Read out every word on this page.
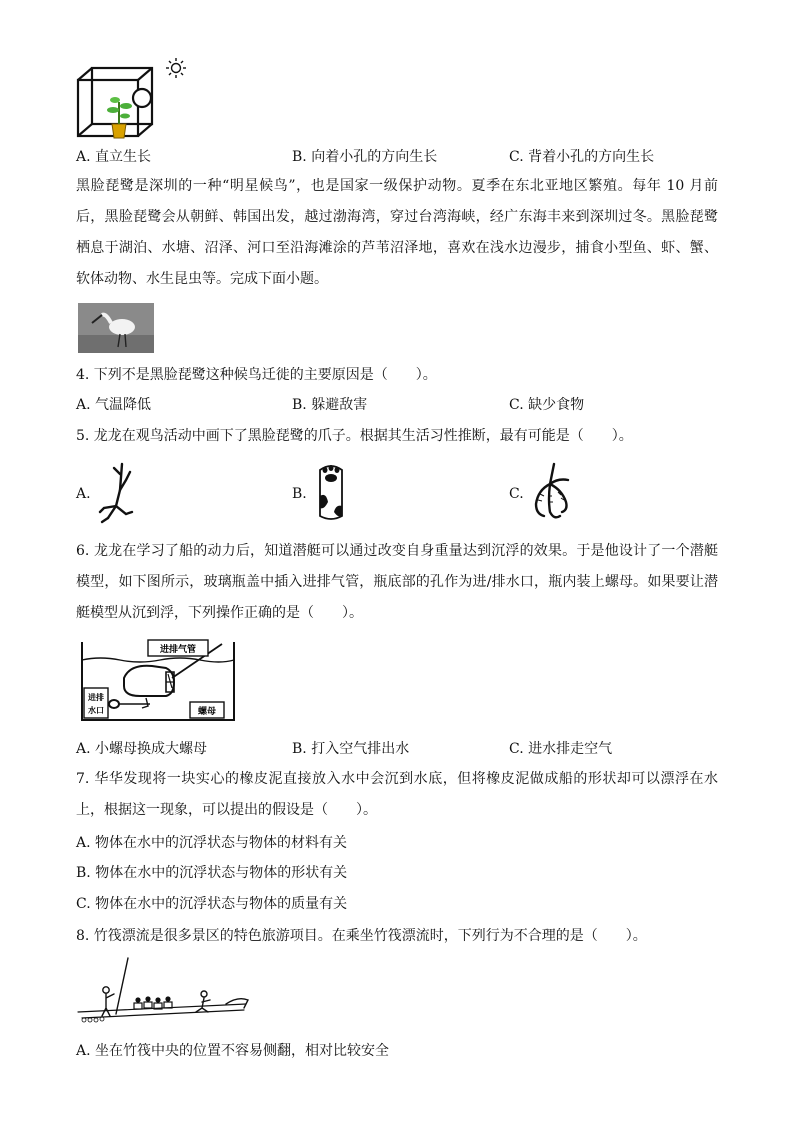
A. 直立生长	B. 向着小孔的方向生长	C. 背着小孔的方向生长
黑脸琵鹭是深圳的一种“明星候鸟”，也是国家一级保护动物。夏季在东北亚地区繁殖。每年 10 月前后，黑脸琵鹭会从朝鲜、韩国出发，越过渤海湾，穿过台湾海峡，经广东海丰来到深圳过冬。黑脸琵鹭栖息于湖泊、水塘、沼泽、河口至沿海滩涂的芦苇沼泽地，喜欢在浅水边漫步，捕食小型鱼、虾、蟹、软体动物、水生昆虫等。完成下面小题。
4. 下列不是黑脸琵鹭这种候鸟迁徙的主要原因是（　　）。
A. 气温降低	B. 躲避敌害	C. 缺少食物
5. 龙龙在观鸟活动中画下了黑脸琵鹭的爪子。根据其生活习性推断，最有可能是（　　）。
A.	B.	C.
6. 龙龙在学习了船的动力后，知道潜艇可以通过改变自身重量达到沉浮的效果。于是他设计了一个潜艇模型，如下图所示，玻璃瓶盖中插入进排气管，瓶底部的孔作为进/排水口，瓶内装上螺母。如果要让潜艇模型从沉到浮，下列操作正确的是（　　）。
进排气管
进排
水口	螺母
A. 小螺母换成大螺母	B. 打入空气排出水	C. 进水排走空气
7. 华华发现将一块实心的橡皮泥直接放入水中会沉到水底，但将橡皮泥做成船的形状却可以漂浮在水上，根据这一现象，可以提出的假设是（　　）。
A. 物体在水中的沉浮状态与物体的材料有关
B. 物体在水中的沉浮状态与物体的形状有关
C. 物体在水中的沉浮状态与物体的质量有关
8. 竹筏漂流是很多景区的特色旅游项目。在乘坐竹筏漂流时，下列行为不合理的是（　　）。
A. 坐在竹筏中央的位置不容易侧翻，相对比较安全
